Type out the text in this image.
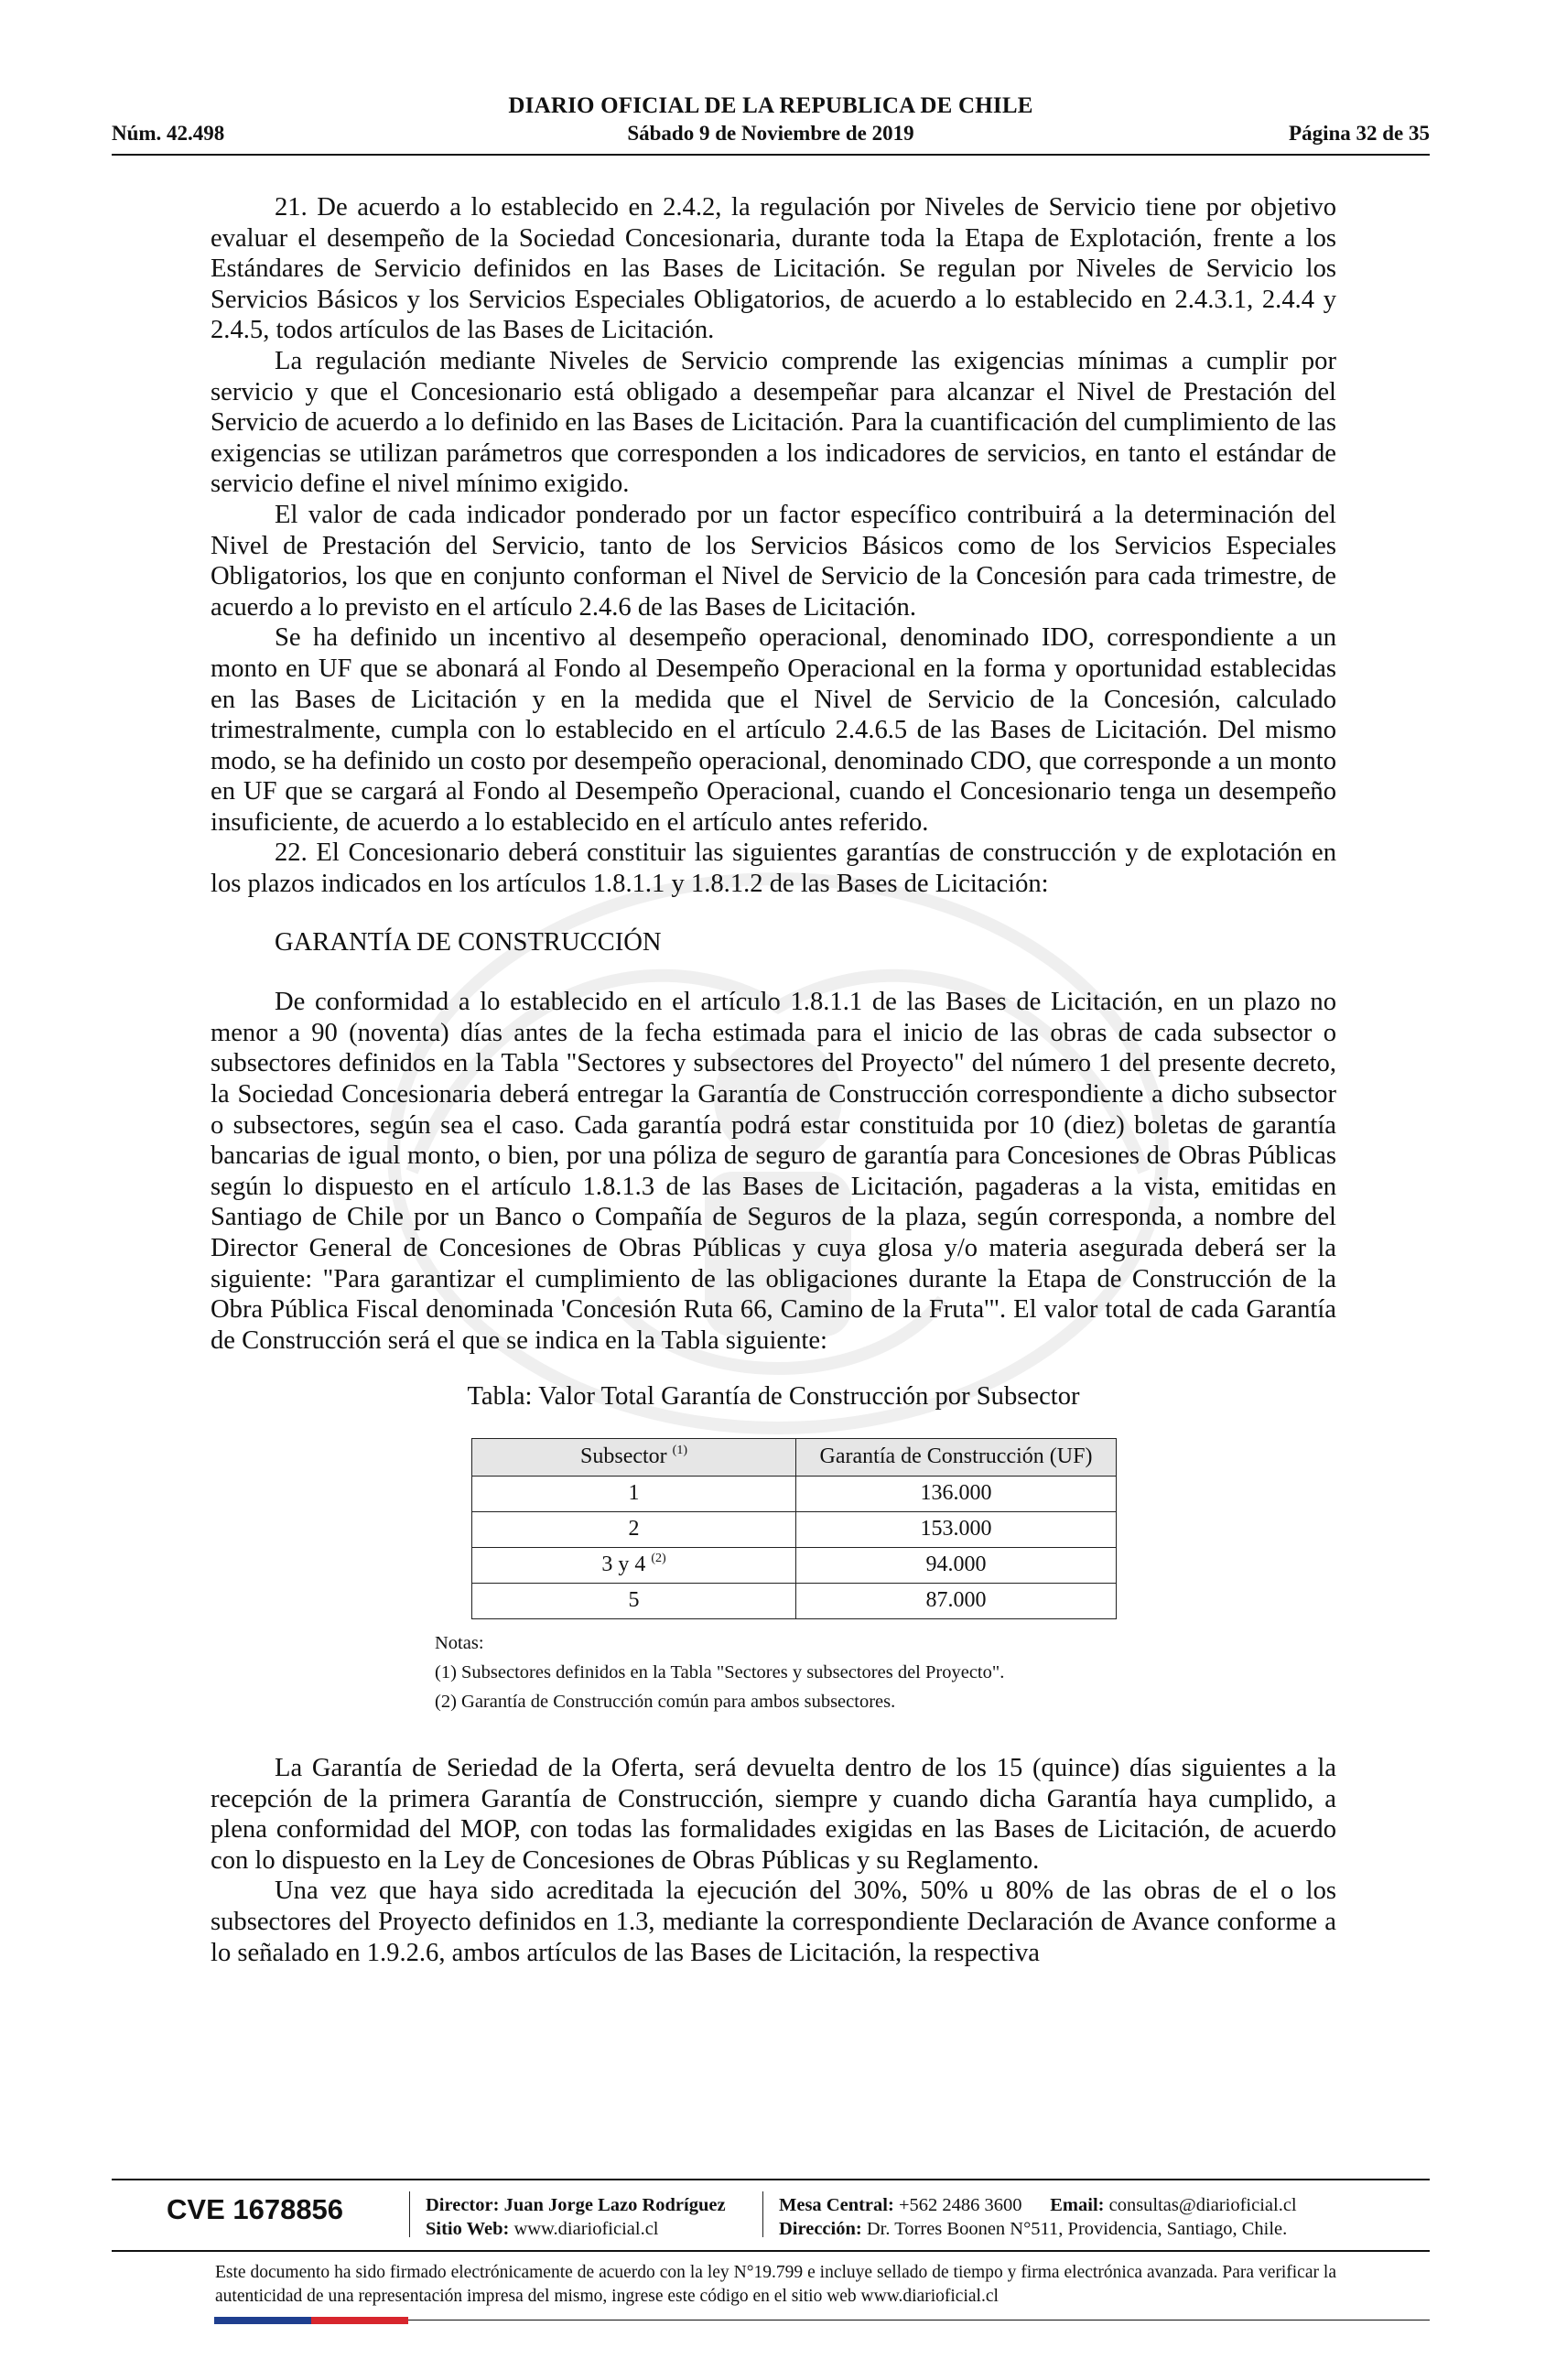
DIARIO OFICIAL DE LA REPUBLICA DE CHILE
Núm. 42.498	Sábado 9 de Noviembre de 2019	Página 32 de 35

21. De acuerdo a lo establecido en 2.4.2, la regulación por Niveles de Servicio tiene por objetivo evaluar el desempeño de la Sociedad Concesionaria, durante toda la Etapa de Explotación, frente a los Estándares de Servicio definidos en las Bases de Licitación. Se regulan por Niveles de Servicio los Servicios Básicos y los Servicios Especiales Obligatorios, de acuerdo a lo establecido en 2.4.3.1, 2.4.4 y 2.4.5, todos artículos de las Bases de Licitación.

La regulación mediante Niveles de Servicio comprende las exigencias mínimas a cumplir por servicio y que el Concesionario está obligado a desempeñar para alcanzar el Nivel de Prestación del Servicio de acuerdo a lo definido en las Bases de Licitación. Para la cuantificación del cumplimiento de las exigencias se utilizan parámetros que corresponden a los indicadores de servicios, en tanto el estándar de servicio define el nivel mínimo exigido.

El valor de cada indicador ponderado por un factor específico contribuirá a la determinación del Nivel de Prestación del Servicio, tanto de los Servicios Básicos como de los Servicios Especiales Obligatorios, los que en conjunto conforman el Nivel de Servicio de la Concesión para cada trimestre, de acuerdo a lo previsto en el artículo 2.4.6 de las Bases de Licitación.

Se ha definido un incentivo al desempeño operacional, denominado IDO, correspondiente a un monto en UF que se abonará al Fondo al Desempeño Operacional en la forma y oportunidad establecidas en las Bases de Licitación y en la medida que el Nivel de Servicio de la Concesión, calculado trimestralmente, cumpla con lo establecido en el artículo 2.4.6.5 de las Bases de Licitación. Del mismo modo, se ha definido un costo por desempeño operacional, denominado CDO, que corresponde a un monto en UF que se cargará al Fondo al Desempeño Operacional, cuando el Concesionario tenga un desempeño insuficiente, de acuerdo a lo establecido en el artículo antes referido.

22. El Concesionario deberá constituir las siguientes garantías de construcción y de explotación en los plazos indicados en los artículos 1.8.1.1 y 1.8.1.2 de las Bases de Licitación:

GARANTÍA DE CONSTRUCCIÓN

De conformidad a lo establecido en el artículo 1.8.1.1 de las Bases de Licitación, en un plazo no menor a 90 (noventa) días antes de la fecha estimada para el inicio de las obras de cada subsector o subsectores definidos en la Tabla "Sectores y subsectores del Proyecto" del número 1 del presente decreto, la Sociedad Concesionaria deberá entregar la Garantía de Construcción correspondiente a dicho subsector o subsectores, según sea el caso. Cada garantía podrá estar constituida por 10 (diez) boletas de garantía bancarias de igual monto, o bien, por una póliza de seguro de garantía para Concesiones de Obras Públicas según lo dispuesto en el artículo 1.8.1.3 de las Bases de Licitación, pagaderas a la vista, emitidas en Santiago de Chile por un Banco o Compañía de Seguros de la plaza, según corresponda, a nombre del Director General de Concesiones de Obras Públicas y cuya glosa y/o materia asegurada deberá ser la siguiente: "Para garantizar el cumplimiento de las obligaciones durante la Etapa de Construcción de la Obra Pública Fiscal denominada 'Concesión Ruta 66, Camino de la Fruta'". El valor total de cada Garantía de Construcción será el que se indica en la Tabla siguiente:

Tabla: Valor Total Garantía de Construcción por Subsector
Subsector $^{(1)}$	Garantía de Construcción (UF)
1	136.000
2	153.000
3 y 4 $^{(2)}$	94.000
5	87.000
Notas:
(1) Subsectores definidos en la Tabla "Sectores y subsectores del Proyecto".
(2) Garantía de Construcción común para ambos subsectores.

La Garantía de Seriedad de la Oferta, será devuelta dentro de los 15 (quince) días siguientes a la recepción de la primera Garantía de Construcción, siempre y cuando dicha Garantía haya cumplido, a plena conformidad del MOP, con todas las formalidades exigidas en las Bases de Licitación, de acuerdo con lo dispuesto en la Ley de Concesiones de Obras Públicas y su Reglamento.

Una vez que haya sido acreditada la ejecución del 30%, 50% u 80% de las obras de el o los subsectores del Proyecto definidos en 1.3, mediante la correspondiente Declaración de Avance conforme a lo señalado en 1.9.2.6, ambos artículos de las Bases de Licitación, la respectiva

CVE 1678856	Director: Juan Jorge Lazo Rodríguez
Sitio Web: www.diarioficial.cl
Mesa Central: +562 2486 3600 Email: consultas@diarioficial.cl
Dirección: Dr. Torres Boonen N°511, Providencia, Santiago, Chile.
Este documento ha sido firmado electrónicamente de acuerdo con la ley N°19.799 e incluye sellado de tiempo y firma electrónica avanzada. Para verificar la autenticidad de una representación impresa del mismo, ingrese este código en el sitio web www.diarioficial.cl
